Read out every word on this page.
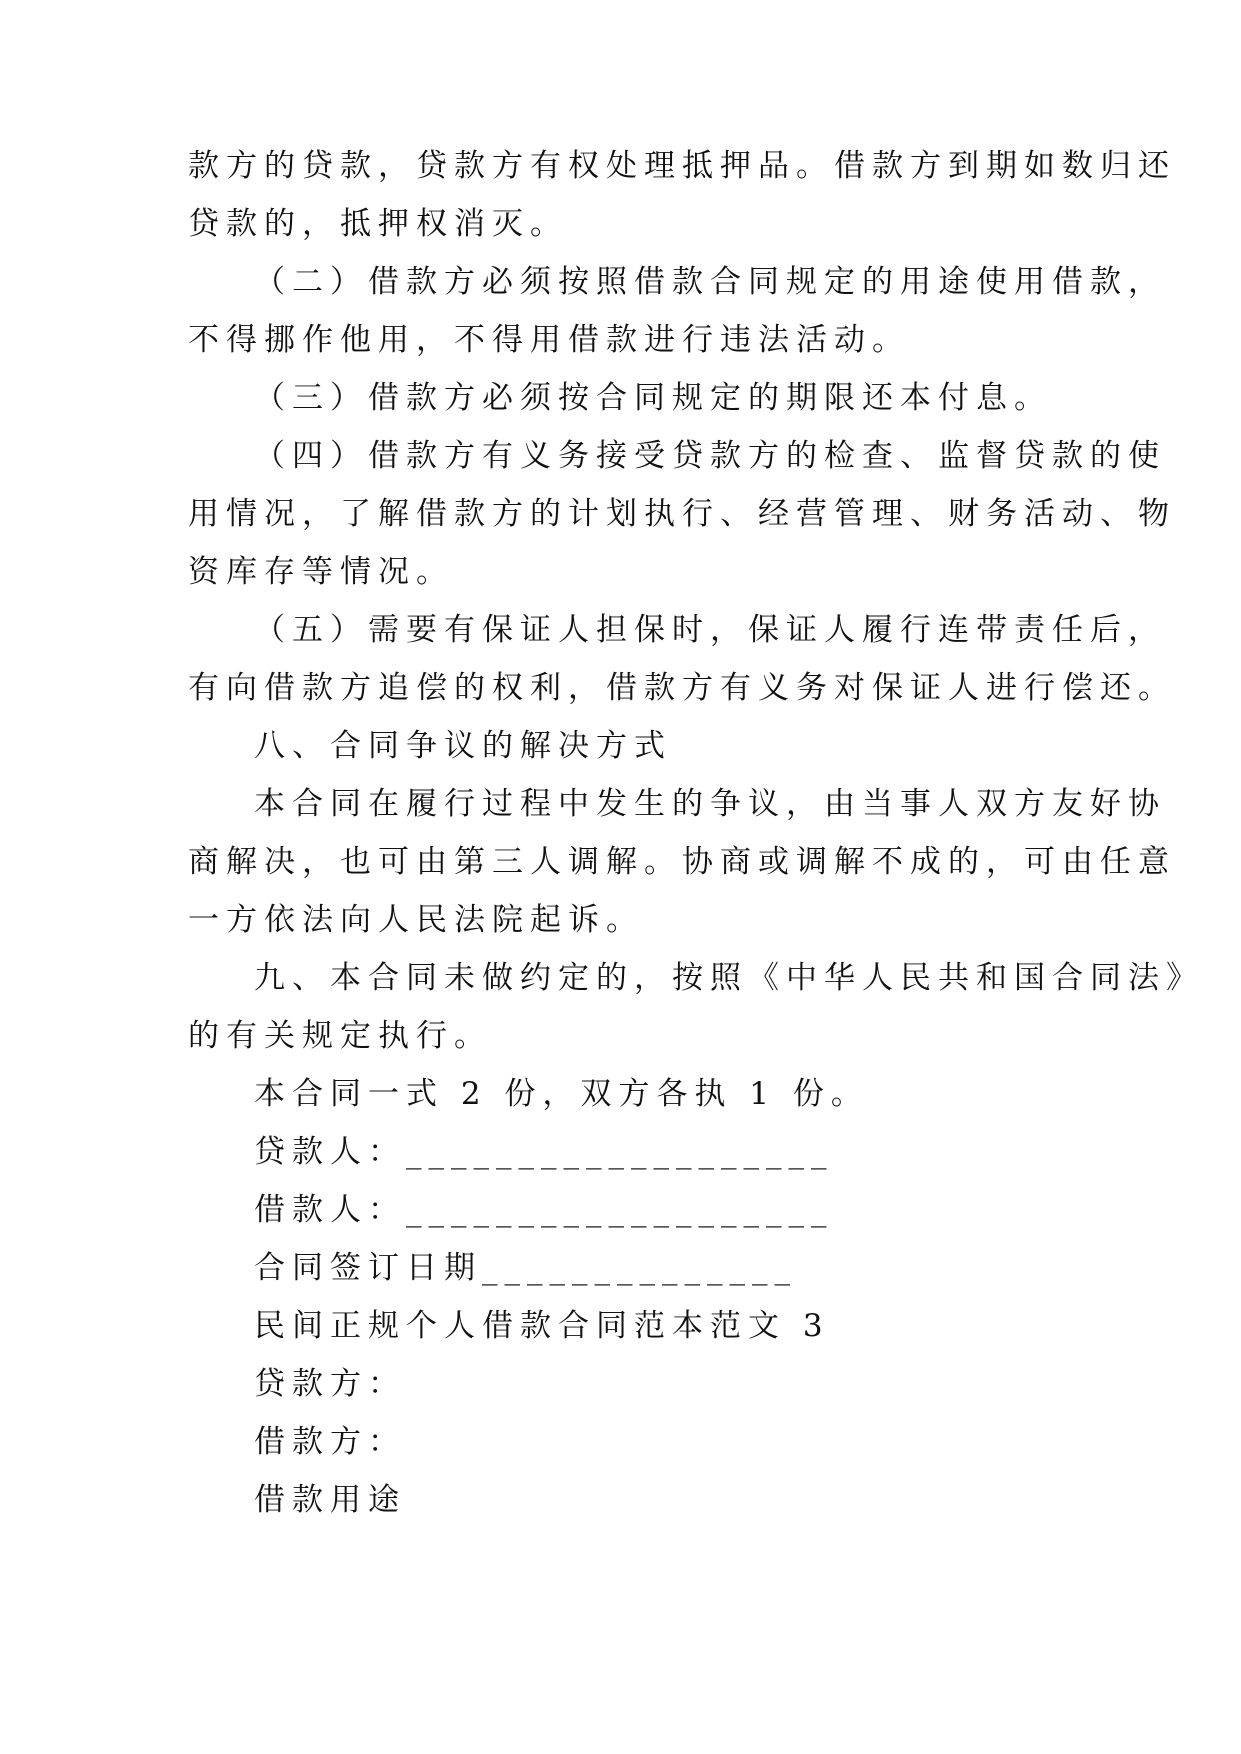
款方的贷款，贷款方有权处理抵押品。借款方到期如数归还
贷款的，抵押权消灭。
（二）借款方必须按照借款合同规定的用途使用借款，
不得挪作他用，不得用借款进行违法活动。
（三）借款方必须按合同规定的期限还本付息。
（四）借款方有义务接受贷款方的检查、监督贷款的使
用情况，了解借款方的计划执行、经营管理、财务活动、物
资库存等情况。
（五）需要有保证人担保时，保证人履行连带责任后，
有向借款方追偿的权利，借款方有义务对保证人进行偿还。
八、合同争议的解决方式
本合同在履行过程中发生的争议，由当事人双方友好协
商解决，也可由第三人调解。协商或调解不成的，可由任意
一方依法向人民法院起诉。
九、本合同未做约定的，按照《中华人民共和国合同法》
的有关规定执行。
本合同一式 2 份，双方各执 1 份。
贷款人：___________________
借款人：___________________
合同签订日期______________
民间正规个人借款合同范本范文 3
贷款方：
借款方：
借款用途
